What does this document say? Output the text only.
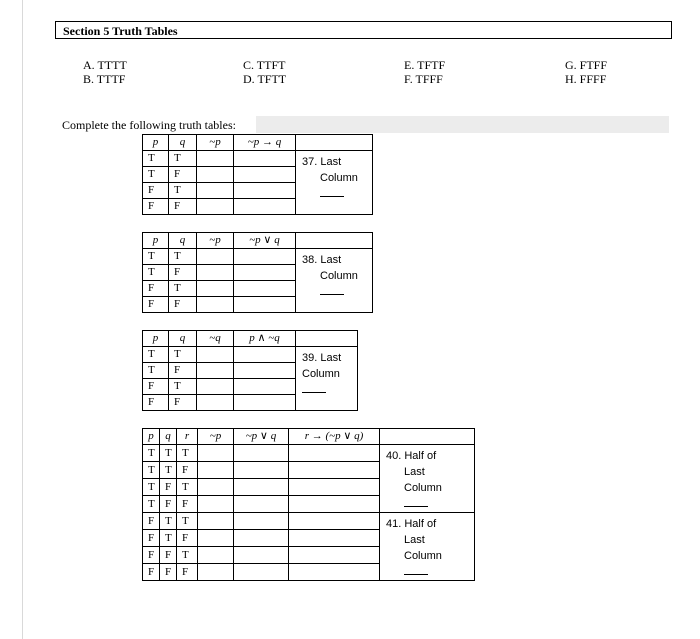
Section 5 Truth Tables
A. TTTT
B. TTTF
C. TTFT
D. TFTT
E. TFTF
F. TFFF
G. FTFF
H. FFFF
Complete the following truth tables:
p	q	~p	~p → q	
T	T			37. Last
Column

T	F			
F	T			
F	F			
p	q	~p	~p ∨ q	
T	T			38. Last
Column

T	F			
F	T			
F	F			
p	q	~q	p ∧ ~q	
T	T			39. Last
Column

T	F			
F	T			
F	F			
p	q	r	~p	~p ∨ q	r → (~p ∨ q)	
T	T	T				40. Half of
Last
Column

T	T	F				
T	F	T				
T	F	F				
F	T	T				41. Half of
Last
Column

F	T	F				
F	F	T				
F	F	F				
